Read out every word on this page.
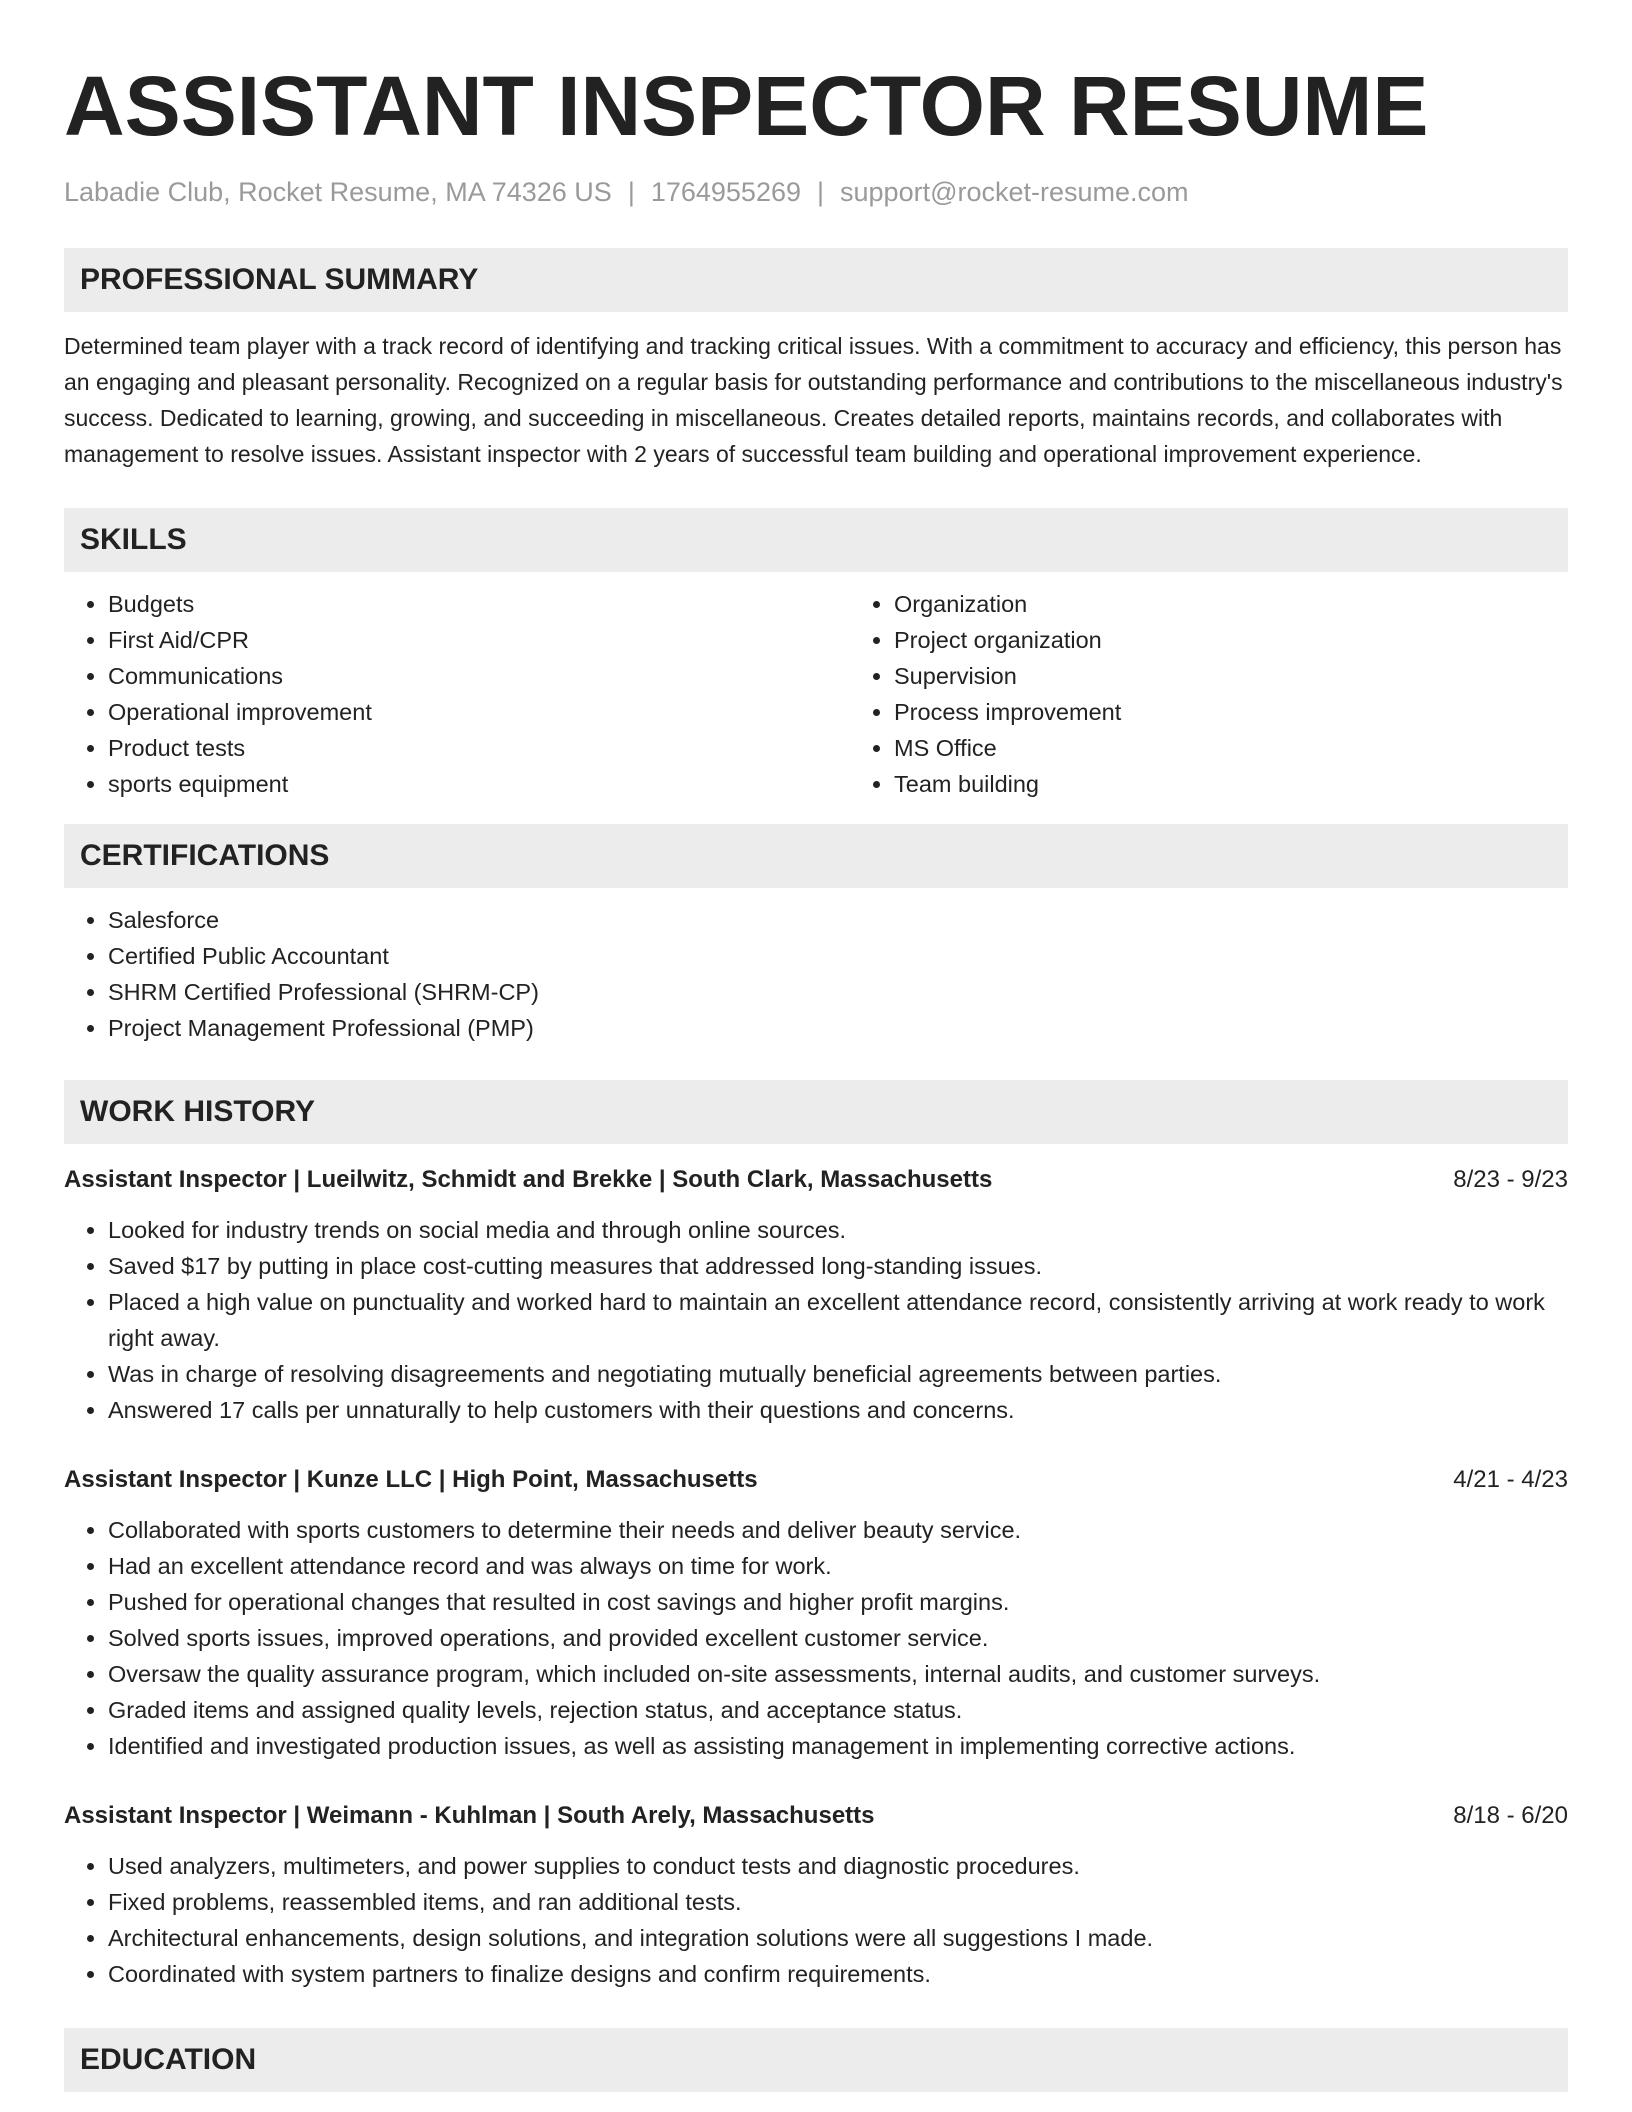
ASSISTANT INSPECTOR RESUME
Labadie Club, Rocket Resume, MA 74326 US | 1764955269 | support@rocket-resume.com
PROFESSIONAL SUMMARY

Determined team player with a track record of identifying and tracking critical issues. With a commitment to accuracy and efficiency, this person has an engaging and pleasant personality. Recognized on a regular basis for outstanding performance and contributions to the miscellaneous industry's success. Dedicated to learning, growing, and succeeding in miscellaneous. Creates detailed reports, maintains records, and collaborates with management to resolve issues. Assistant inspector with 2 years of successful team building and operational improvement experience.

SKILLS
• Budgets
• First Aid/CPR
• Communications
• Operational improvement
• Product tests
• sports equipment
• Organization
• Project organization
• Supervision
• Process improvement
• MS Office
• Team building
CERTIFICATIONS
• Salesforce
• Certified Public Accountant
• SHRM Certified Professional (SHRM-CP)
• Project Management Professional (PMP)
WORK HISTORY
Assistant Inspector | Lueilwitz, Schmidt and Brekke | South Clark, Massachusetts	8/23 - 9/23
• Looked for industry trends on social media and through online sources.
• Saved $17 by putting in place cost-cutting measures that addressed long-standing issues.
• Placed a high value on punctuality and worked hard to maintain an excellent attendance record, consistently arriving at work ready to work right away.
• Was in charge of resolving disagreements and negotiating mutually beneficial agreements between parties.
• Answered 17 calls per unnaturally to help customers with their questions and concerns.
Assistant Inspector | Kunze LLC | High Point, Massachusetts	4/21 - 4/23
• Collaborated with sports customers to determine their needs and deliver beauty service.
• Had an excellent attendance record and was always on time for work.
• Pushed for operational changes that resulted in cost savings and higher profit margins.
• Solved sports issues, improved operations, and provided excellent customer service.
• Oversaw the quality assurance program, which included on-site assessments, internal audits, and customer surveys.
• Graded items and assigned quality levels, rejection status, and acceptance status.
• Identified and investigated production issues, as well as assisting management in implementing corrective actions.
Assistant Inspector | Weimann - Kuhlman | South Arely, Massachusetts	8/18 - 6/20
• Used analyzers, multimeters, and power supplies to conduct tests and diagnostic procedures.
• Fixed problems, reassembled items, and ran additional tests.
• Architectural enhancements, design solutions, and integration solutions were all suggestions I made.
• Coordinated with system partners to finalize designs and confirm requirements.
EDUCATION
